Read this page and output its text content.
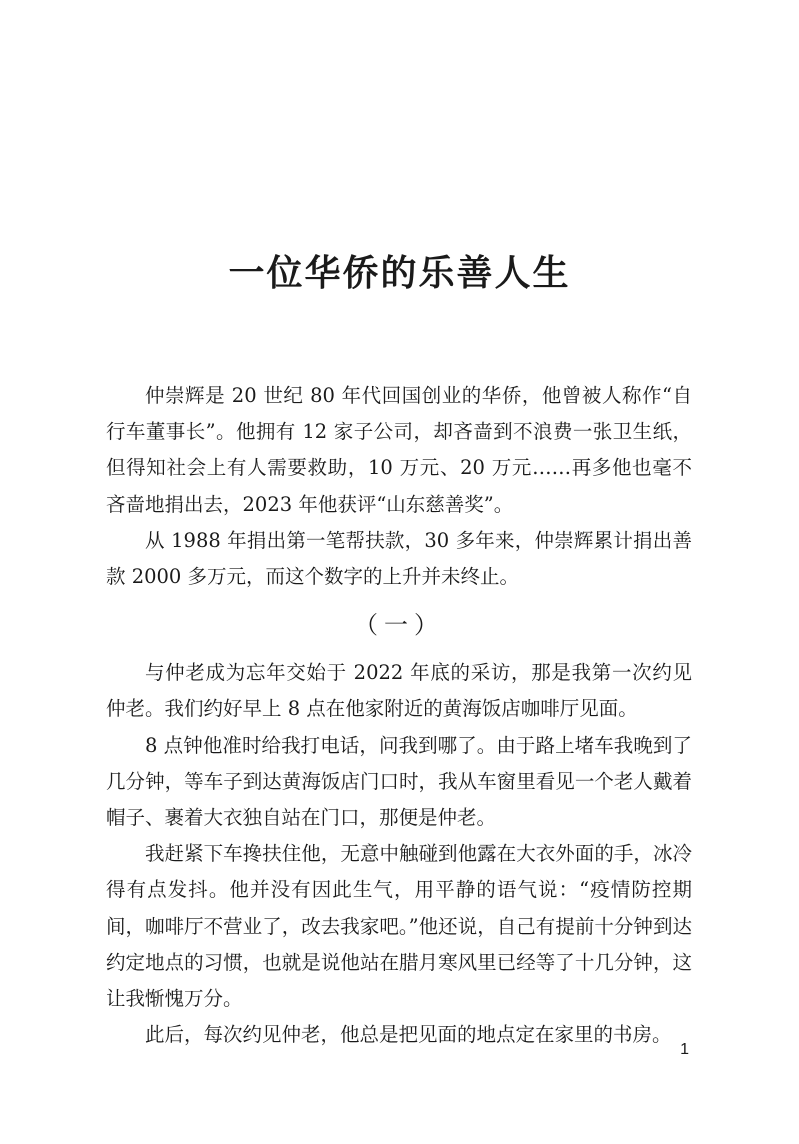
一位华侨的乐善人生

仲崇辉是 20 世纪 80 年代回国创业的华侨，他曾被人称作“自行车董事长”。他拥有 12 家子公司，却吝啬到不浪费一张卫生纸，但得知社会上有人需要救助，10 万元、20 万元……再多他也毫不吝啬地捐出去，2023 年他获评“山东慈善奖”。

从 1988 年捐出第一笔帮扶款，30 多年来，仲崇辉累计捐出善款 2000 多万元，而这个数字的上升并未终止。

（一）

与仲老成为忘年交始于 2022 年底的采访，那是我第一次约见仲老。我们约好早上 8 点在他家附近的黄海饭店咖啡厅见面。

8 点钟他准时给我打电话，问我到哪了。由于路上堵车我晚到了几分钟，等车子到达黄海饭店门口时，我从车窗里看见一个老人戴着帽子、裹着大衣独自站在门口，那便是仲老。

我赶紧下车搀扶住他，无意中触碰到他露在大衣外面的手，冰冷得有点发抖。他并没有因此生气，用平静的语气说：“疫情防控期间，咖啡厅不营业了，改去我家吧。”他还说，自己有提前十分钟到达约定地点的习惯，也就是说他站在腊月寒风里已经等了十几分钟，这让我惭愧万分。

此后，每次约见仲老，他总是把见面的地点定在家里的书房。

1
